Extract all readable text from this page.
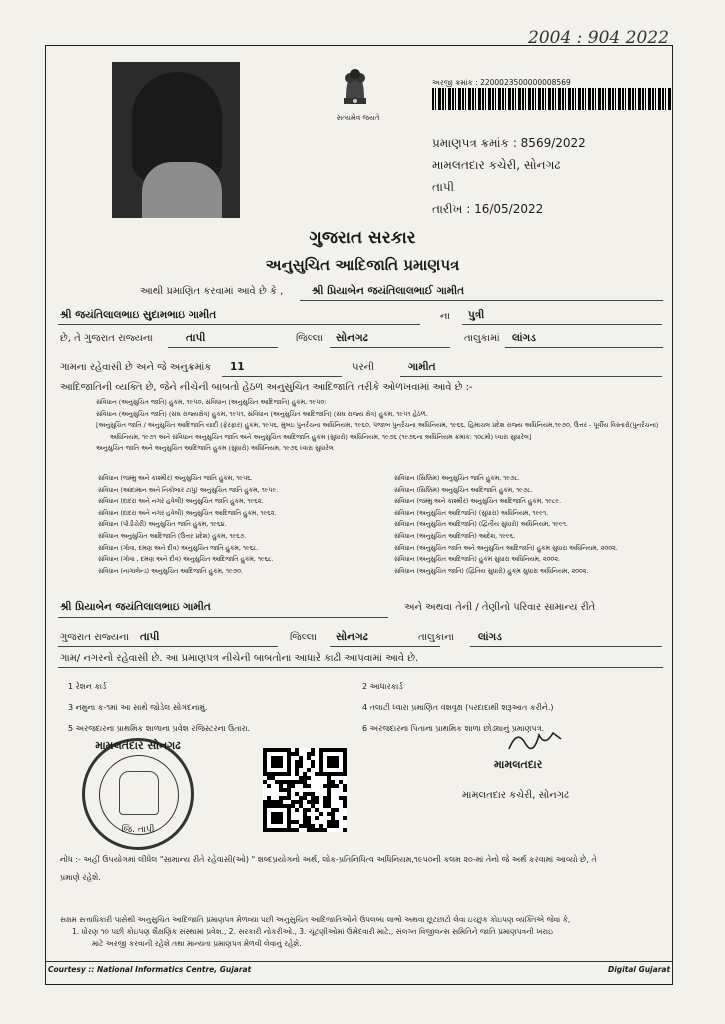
2004 : 904 2022
સત્યમેવ જયતે
અરજી ક્રમાંક : 2200023500000008569
પ્રમાણપત્ર ક્રમાંક : 8569/2022
મામલતદાર કચેરી, સોનગઢ
તાપી
તારીખ : 16/05/2022
ગુજરાત સરકાર
અનુસુચિત આદિજાતિ પ્રમાણપત્ર
આથી પ્રમાણિત કરવામાં આવે છે કે ,	શ્રી પ્રિયાબેન જયંતિલાલભાઈ ગામીત
શ્રી જયંતિલાલભાઇ સુદામભાઇ ગામીત	ના પુત્રી
છે, તે ગુજરાત રાજ્યના	તાપી	જિલ્લા સોનગઢ	તાલુકામાં લાંગડ
ગામના રહેવાસી છે અને જે અનુક્રમાંક 11	પરની	ગામીત
આદિજાતિની વ્યક્તિ છે, જેને નીચેની બાબતો હેઠળ અનુસુચિત આદિજાતિ તરીકે ઓળખવામાં આવે છે :-
સંવિધાન (અનુસુચિત જાતિ) હુકમ, ૧૯૫૦, સંવિધાન (અનુસુચિત આદિજાતિ) હુકમ, ૧૯૫૦:
સંવિધાન (અનુસુચિત જાતિ) (સંઘ રાજ્યક્ષેત્ર) હુકમ, ૧૯૫૧, સંવિધાન (અનુસુચિત આદિજાતિ) (સંઘ રાજ્ય ક્ષેત્ર) હુકમ, ૧૯૫૧ હેઠળ.
[અનુસુચિત જાતિ / અનુસુચિત આદિજાતિ યાદી (ફેરફાર) હુકમ, ૧૯૫૬, મુંબઇ પુનર્રચના અધિનિયમ, ૧૯૬૦, પંજાબ પુનર્રચના અધિનિયમ, ૧૯૬૬, હિમાચલ પ્રદેશ રાજ્ય અધિનિયમ,૧૯૭૦, ઉત્તર - પૂર્વીય વિસ્તારો(પુનર્રચના)
અધિનિયમ, ૧૯૭૧ અને સંવિધાન અનુસુચિત જાતિ અને અનુસુચિત આદિજાતિ હુકમ (સુધારો) અધિનિયમ, ૧૯૭૬ (૧૯૭૬ના અધિનિયમ ક્રમાંક: ૧૦૮મો) ધ્વારા સુધારેલ]
અનુસુચિત જાતિ અને અનુસુચિત આદિજાતિ હુકમ (સુધારો) અધિનિયમ, ૧૯૭૬ ધ્વારા સુધારેલ
સંવિધાન (જમ્મુ અને કાશ્મીર) અનુસુચિત જાતિ હુકમ, ૧૯૫૬.
સંવિધાન (આંદામાન અને નિકોબાર ટાપુ) અનુસુચિત જાતિ હુકમ, ૧૯૫૯.
સંવિધાન (દાદરા અને નગર હવેલી) અનુસુચિત જાતિ હુકમ, ૧૯૬૨.
સંવિધાન (દાદરા અને નગર હવેલી) અનુસુચિત આદિજાતિ હુકમ, ૧૯૬૨.
સંવિધાન (પોંડીચેરી) અનુસુચિત જાતિ હુકમ, ૧૯૬૪.
સંવિધાન અનુસુચિત આદિજાતિ (ઉત્તર પ્રદેશ) હુકમ, ૧૯૬૭.
સંવિધાન (ગોવા, દમણ અને દીવ) અનુસુચિત જાતિ હુકમ, ૧૯૬૮.
સંવિધાન (ગોવા , દમણ અને દીવ) અનુસુચિત આદિજાતિ હુકમ, ૧૯૬૮.
સંવિધાન (નાગાલેન્ડ) અનુસુચિત આદિજાતિ હુકમ, ૧૯૭૦.
સંવિધાન (સિક્કિમ) અનુસુચિત જાતિ હુકમ, ૧૯૭૮.
સંવિધાન (સિક્કિમ) અનુસુચિત આદિજાતિ હુકમ, ૧૯૭૮.
સંવિધાન (જમ્મુ અને કાશ્મીર) અનુસુચિત આદિજાતિ હુકમ, ૧૯૮૯.
સંવિધાન (અનુસુચિત આદિજાતિ) (સુધારા) અધિનિયમ, ૧૯૯૧.
સંવિધાન (અનુસુચિત આદિજાતિ) (દ્વિતીય સુધારો) અધિનિયમ, ૧૯૯૧.
સંવિધાન (અનુસુચિત આદિજાતિ) આદેશ, ૧૯૯૬.
સંવિધાન (અનુસુચિત જાતિ અને અનુસુચિત આદિજાતિ) હુકમ સુધારા અધિનિયમ, ૨૦૦૨.
સંવિધાન (અનુસુચિત આદિજાતિ) હુકમ સુધારા અધિનિયમ, ૨૦૦૨.
સંવિધાન (અનુસુચિત જાતિ) (દ્વિતિય સુધારો) હુકમ સુધારા અધિનિયમ, ૨૦૦૨.
શ્રી પ્રિયાબેન જયંતિલાલભાઇ ગામીત	અને અથવા તેની / તેણીનો પરિવાર સામાન્ય રીતે
ગુજરાત રાજ્યના તાપી	જિલ્લા સોનગઢ	તાલુકાના લાંગડ
ગામ/ નગરનો રહેવાસી છે. આ પ્રમાણપત્ર નીચેની બાબતોના આધારે કાઢી આપવામાં આવે છે.
1 રેશન કાર્ડ
3 નમુના ક-૧માં આ સાથે જોડેલ સોગંદનામું.
5 અરજદારના પ્રાથમિક શાળાના પ્રવેશ રજિસ્ટરના ઉતારા.
2 આધારકાર્ડ
4 તલાટી ધ્વારા પ્રમાણિત વંશવૃક્ષ (પરદાદાથી શરૂઆત કરીને.)
6 અરજદારના પિતાના પ્રાથમિક શાળા છોડ્યાનું પ્રમાણપત્ર.
મામલતદાર સોનગઢ
જિ. તાપી
મામલતદાર
મામલતદાર કચેરી, સોનગઢ
નોંધ :- અહીં ઉપયોગમાં લીધેલ "સામાન્ય રીતે રહેવાસી(ઓ) " શબ્દપ્રયોગનો અર્થ, લોક-પ્રતિનિધિત્વ અધિનિયમ,૧૯૫૦ની કલમ ૨૦-માં તેનો જે અર્થ કરવામાં આવ્યો છે, તે
પ્રમાણે રહેશે.
સક્ષમ સત્તાધિકારી પાસેથી અનુસુચિત આદિજાતિ પ્રમાણપત્ર મેળવ્યા પછી અનુસુચિત આદિજાતિઓને ઉપલબ્ધ લાભો અથવા છૂટછાટો લેવા ઇચ્છુક કોઇપણ વ્યક્તિએ જેવા કે,
1. ધોરણ ૧૦ પછી કોઇપણ શૈક્ષણિક સંસ્થામાં પ્રવેશ., 2. સરકારી નોકરીઓ., 3. ચૂંટણીઓમાં ઉમેદવારી માટે., સંલગ્ન વિજીલન્સ સમિતિને જાતિ પ્રમાણપત્રની ખરાઇ
માટે અરજી કરવાની રહેશે તથા માન્યતા પ્રમાણપત્ર મેળવી લેવાનું રહેશે.
Courtesy :: National Informatics Centre, Gujarat	Digital Gujarat
